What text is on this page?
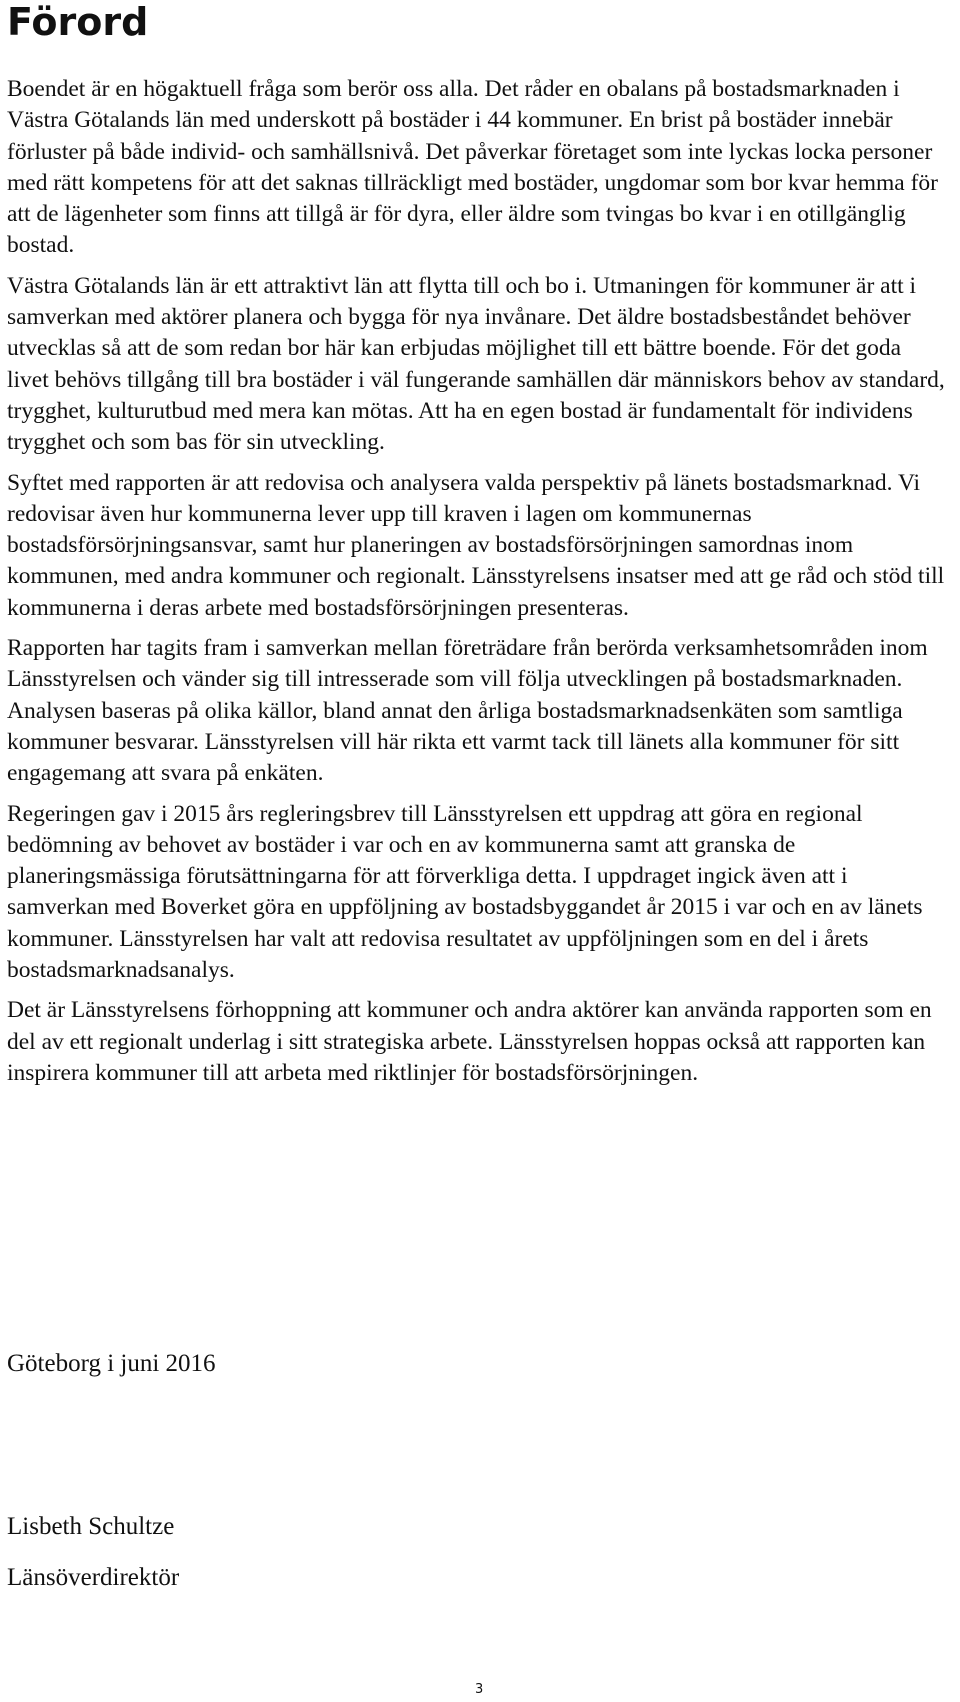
Förord

Boendet är en högaktuell fråga som berör oss alla. Det råder en obalans på bostadsmarknaden i Västra Götalands län med underskott på bostäder i 44 kommuner. En brist på bostäder innebär förluster på både individ- och samhällsnivå. Det påverkar företaget som inte lyckas locka personer med rätt kompetens för att det saknas tillräckligt med bostäder, ungdomar som bor kvar hemma för att de lägenheter som finns att tillgå är för dyra, eller äldre som tvingas bo kvar i en otillgänglig bostad.

Västra Götalands län är ett attraktivt län att flytta till och bo i. Utmaningen för kommuner är att i samverkan med aktörer planera och bygga för nya invånare. Det äldre bostadsbeståndet behöver utvecklas så att de som redan bor här kan erbjudas möjlighet till ett bättre boende. För det goda livet behövs tillgång till bra bostäder i väl fungerande samhällen där människors behov av standard, trygghet, kulturutbud med mera kan mötas. Att ha en egen bostad är fundamentalt för individens trygghet och som bas för sin utveckling.

Syftet med rapporten är att redovisa och analysera valda perspektiv på länets bostadsmarknad. Vi redovisar även hur kommunerna lever upp till kraven i lagen om kommunernas bostadsförsörjningsansvar, samt hur planeringen av bostadsförsörjningen samordnas inom kommunen, med andra kommuner och regionalt. Länsstyrelsens insatser med att ge råd och stöd till kommunerna i deras arbete med bostadsförsörjningen presenteras.

Rapporten har tagits fram i samverkan mellan företrädare från berörda verksamhetsområden inom Länsstyrelsen och vänder sig till intresserade som vill följa utvecklingen på bostadsmarknaden. Analysen baseras på olika källor, bland annat den årliga bostadsmarknadsenkäten som samtliga kommuner besvarar. Länsstyrelsen vill här rikta ett varmt tack till länets alla kommuner för sitt engagemang att svara på enkäten.

Regeringen gav i 2015 års regleringsbrev till Länsstyrelsen ett uppdrag att göra en regional bedömning av behovet av bostäder i var och en av kommunerna samt att granska de planeringsmässiga förutsättningarna för att förverkliga detta. I uppdraget ingick även att i samverkan med Boverket göra en uppföljning av bostadsbyggandet år 2015 i var och en av länets kommuner. Länsstyrelsen har valt att redovisa resultatet av uppföljningen som en del i årets bostadsmarknadsanalys.

Det är Länsstyrelsens förhoppning att kommuner och andra aktörer kan använda rapporten som en del av ett regionalt underlag i sitt strategiska arbete. Länsstyrelsen hoppas också att rapporten kan inspirera kommuner till att arbeta med riktlinjer för bostadsförsörjningen.

Göteborg i juni 2016

Lisbeth Schultze

Länsöverdirektör

3
